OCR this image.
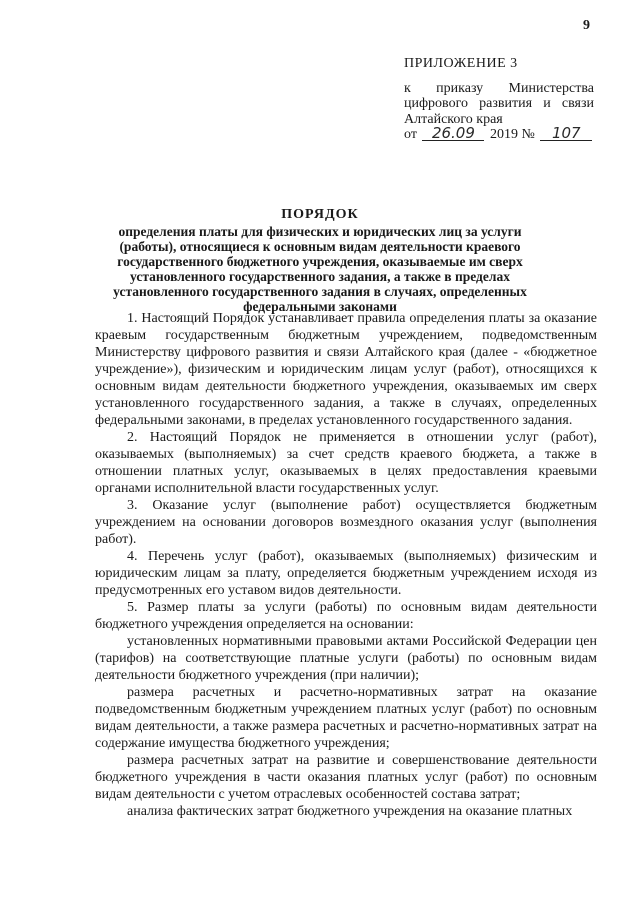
9
ПРИЛОЖЕНИЕ 3
к приказу Министерства цифрового развития и связи Алтайского края
от 26.09 2019 № 107
ПОРЯДОК
определения платы для физических и юридических лиц за услуги (работы), относящиеся к основным видам деятельности краевого государственного бюджетного учреждения, оказываемые им сверх установленного государственного задания, а также в пределах установленного государственного задания в случаях, определенных федеральными законами

1. Настоящий Порядок устанавливает правила определения платы за оказание краевым государственным бюджетным учреждением, подведомственным Министерству цифрового развития и связи Алтайского края (далее - «бюджетное учреждение»), физическим и юридическим лицам услуг (работ), относящихся к основным видам деятельности бюджетного учреждения, оказываемых им сверх установленного государственного задания, а также в случаях, определенных федеральными законами, в пределах установленного государственного задания.

2. Настоящий Порядок не применяется в отношении услуг (работ), оказываемых (выполняемых) за счет средств краевого бюджета, а также в отношении платных услуг, оказываемых в целях предоставления краевыми органами исполнительной власти государственных услуг.

3. Оказание услуг (выполнение работ) осуществляется бюджетным учреждением на основании договоров возмездного оказания услуг (выполнения работ).

4. Перечень услуг (работ), оказываемых (выполняемых) физическим и юридическим лицам за плату, определяется бюджетным учреждением исходя из предусмотренных его уставом видов деятельности.

5. Размер платы за услуги (работы) по основным видам деятельности бюджетного учреждения определяется на основании:

установленных нормативными правовыми актами Российской Федерации цен (тарифов) на соответствующие платные услуги (работы) по основным видам деятельности бюджетного учреждения (при наличии);

размера расчетных и расчетно-нормативных затрат на оказание подведомственным бюджетным учреждением платных услуг (работ) по основным видам деятельности, а также размера расчетных и расчетно-нормативных затрат на содержание имущества бюджетного учреждения;

размера расчетных затрат на развитие и совершенствование деятельности бюджетного учреждения в части оказания платных услуг (работ) по основным видам деятельности с учетом отраслевых особенностей состава затрат;

анализа фактических затрат бюджетного учреждения на оказание платных
